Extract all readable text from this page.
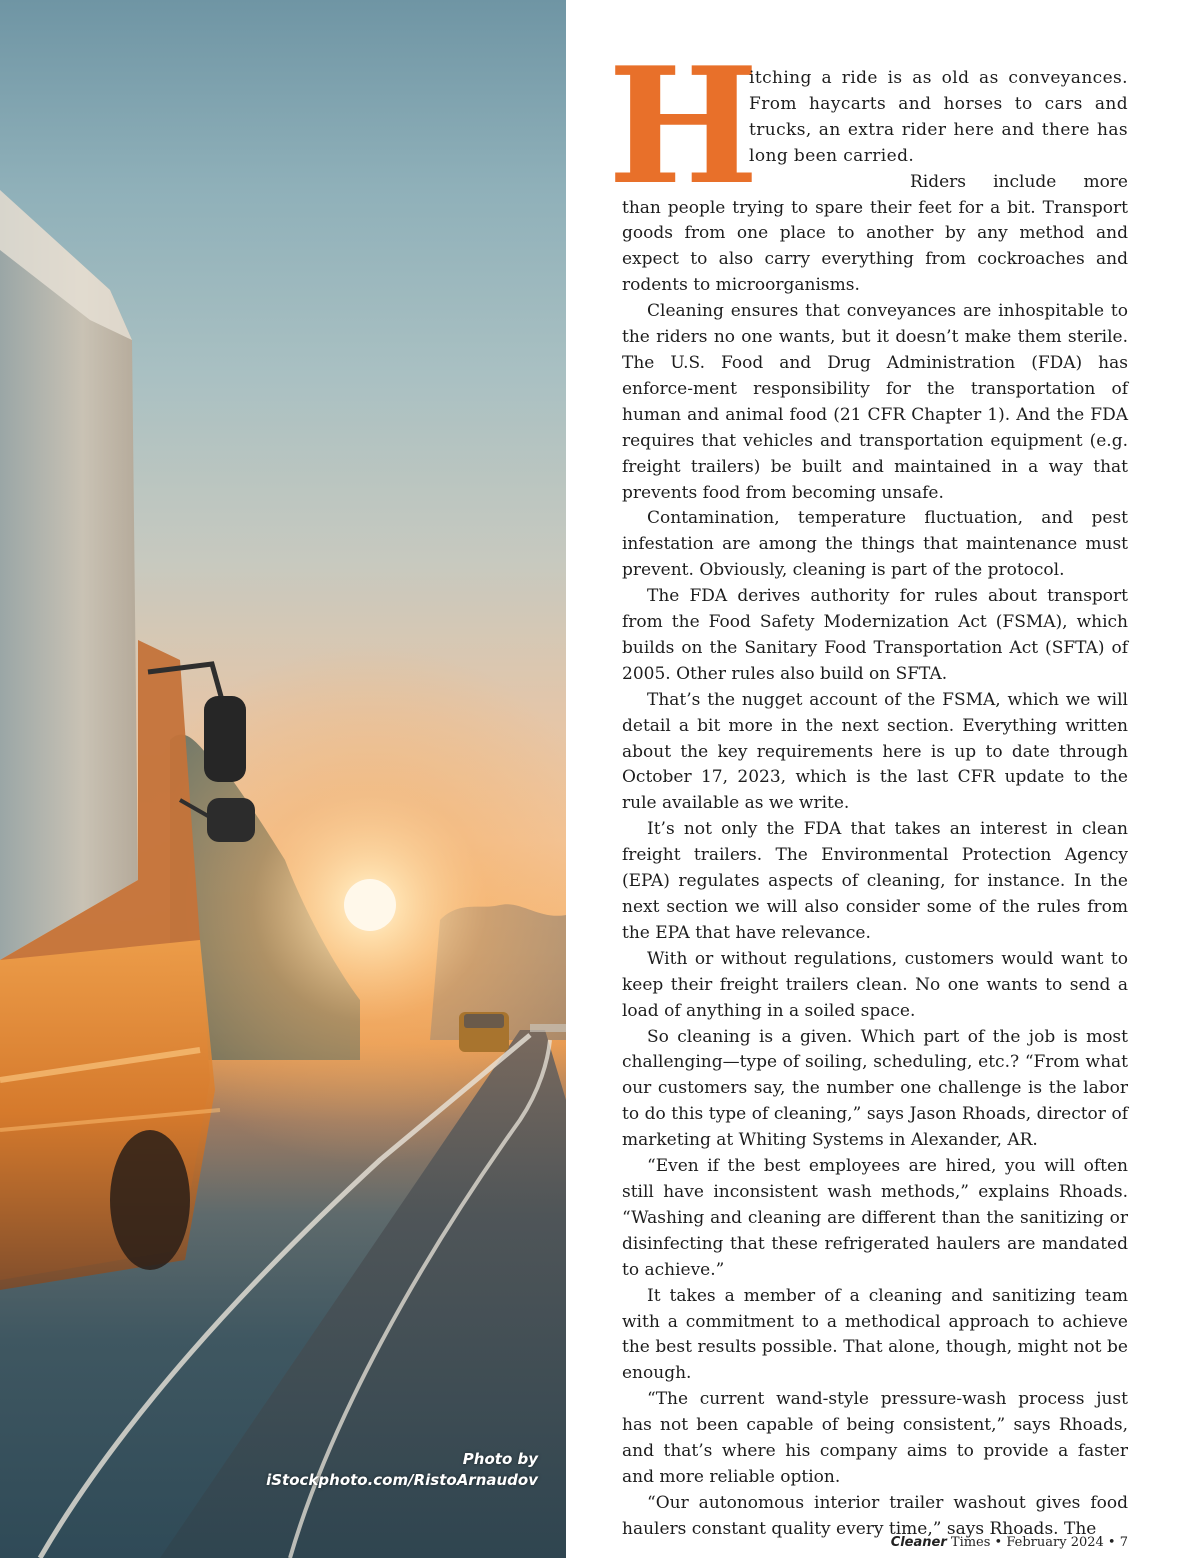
Photo by
iStockphoto.com/RistoArnaudov

H
itching a ride is as old as conveyances. From haycarts and horses to cars and trucks, an extra rider here and there has long been carried.

Riders include more than people trying to spare their feet for a bit. Transport goods from one place to another by any method and expect to also carry everything from cockroaches and rodents to microorganisms.

Cleaning ensures that conveyances are inhospitable to the riders no one wants, but it doesn’t make them sterile. The U.S. Food and Drug Administration (FDA) has enforce-ment responsibility for the transportation of human and animal food (21 CFR Chapter 1). And the FDA requires that vehicles and transportation equipment (e.g. freight trailers) be built and maintained in a way that prevents food from becoming unsafe.

Contamination, temperature fluctuation, and pest infestation are among the things that maintenance must prevent. Obviously, cleaning is part of the protocol.

The FDA derives authority for rules about transport from the Food Safety Modernization Act (FSMA), which builds on the Sanitary Food Transportation Act (SFTA) of 2005. Other rules also build on SFTA.

That’s the nugget account of the FSMA, which we will detail a bit more in the next section. Everything written about the key requirements here is up to date through October 17, 2023, which is the last CFR update to the rule available as we write.

It’s not only the FDA that takes an interest in clean freight trailers. The Environmental Protection Agency (EPA) regulates aspects of cleaning, for instance. In the next section we will also consider some of the rules from the EPA that have relevance.

With or without regulations, customers would want to keep their freight trailers clean. No one wants to send a load of anything in a soiled space.

So cleaning is a given. Which part of the job is most challenging—type of soiling, scheduling, etc.? “From what our customers say, the number one challenge is the labor to do this type of cleaning,” says Jason Rhoads, director of marketing at Whiting Systems in Alexander, AR.

“Even if the best employees are hired, you will often still have inconsistent wash methods,” explains Rhoads. “Washing and cleaning are different than the sanitizing or disinfecting that these refrigerated haulers are mandated to achieve.”

It takes a member of a cleaning and sanitizing team with a commitment to a methodical approach to achieve the best results possible. That alone, though, might not be enough.

“The current wand-style pressure-wash process just has not been capable of being consistent,” says Rhoads, and that’s where his company aims to provide a faster and more reliable option.

“Our autonomous interior trailer washout gives food haulers constant quality every time,” says Rhoads. The

Cleaner Times • February 2024 • 7
